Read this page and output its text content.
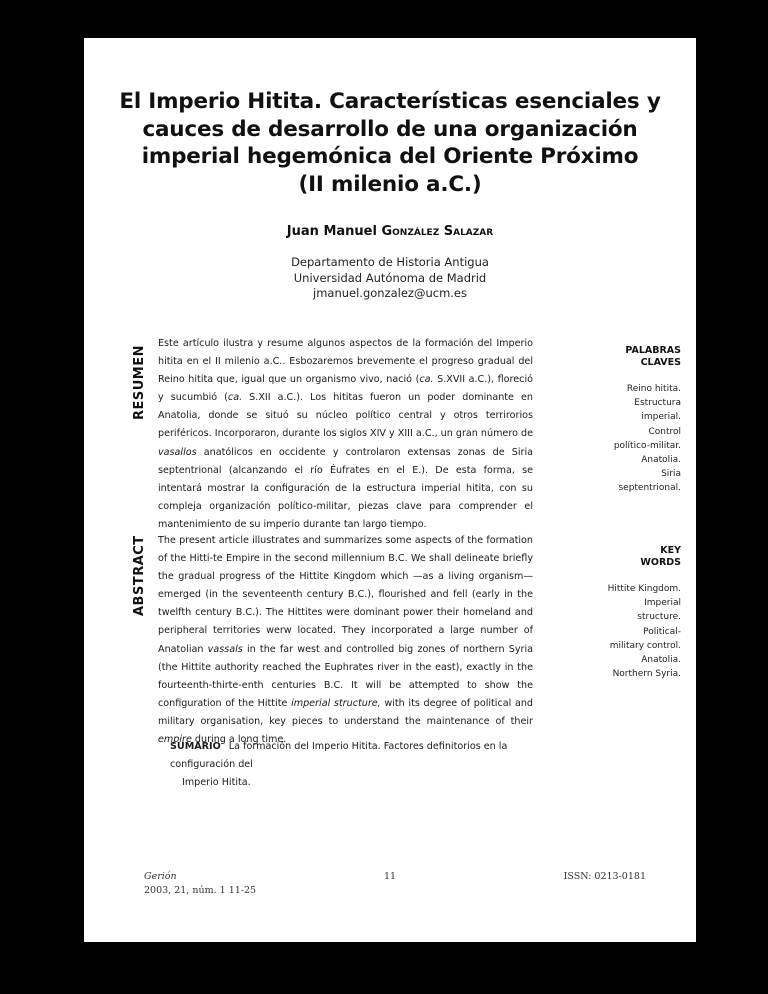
El Imperio Hitita. Características esenciales y
cauces de desarrollo de una organización
imperial hegemónica del Oriente Próximo
(II milenio a.C.)
Juan Manuel González Salazar
Departamento de Historia Antigua
Universidad Autónoma de Madrid
jmanuel.gonzalez@ucm.es
RESUMEN
Este artículo ilustra y resume algunos aspectos de la formación del Imperio hitita en el II milenio a.C.. Esbozaremos brevemente el progreso gradual del Reino hitita que, igual que un organismo vivo, nació (ca. S.XVII a.C.), floreció y sucumbió (ca. S.XII a.C.). Los hititas fueron un poder dominante en Anatolia, donde se situó su núcleo político central y otros terrirorios periféricos. Incorporaron, durante los siglos XIV y XIII a.C., un gran número de vasallos anatólicos en occidente y controlaron extensas zonas de Siria septentrional (alcanzando el río Éufrates en el E.). De esta forma, se intentará mostrar la configuración de la estructura imperial hitita, con su compleja organización político-militar, piezas clave para comprender el mantenimiento de su imperio durante tan largo tiempo.
PALABRAS
CLAVES
Reino hitita.
Estructura
imperial.
Control
político-militar.
Anatolia.
Siria
septentrional.
ABSTRACT The present article illustrates and summarizes some aspects of the formation of the Hitti-te Empire in the second millennium B.C. We shall delineate briefly the gradual progress of the Hittite Kingdom which —as a living organism— emerged (in the seventeenth century B.C.), flourished and fell (early in the twelfth century B.C.). The Hittites were dominant power their homeland and peripheral territories werw located. They incorporated a large number of Anatolian vassals in the far west and controlled big zones of northern Syria (the Hittite authority reached the Euphrates river in the east), exactly in the fourteenth-thirte-enth centuries B.C. It will be attempted to show the configuration of the Hittite imperial structure, with its degree of political and military organisation, key pieces to understand the maintenance of their empire during a long time.
KEY
WORDS
Hittite Kingdom.
Imperial
structure.
Political-
military control.
Anatolia.
Northern Syria.
SUMARIO La formación del Imperio Hitita. Factores definitorios en la configuración del
Imperio Hitita.
Gerión
2003, 21, núm. 1 11-25
11	ISSN: 0213-0181
